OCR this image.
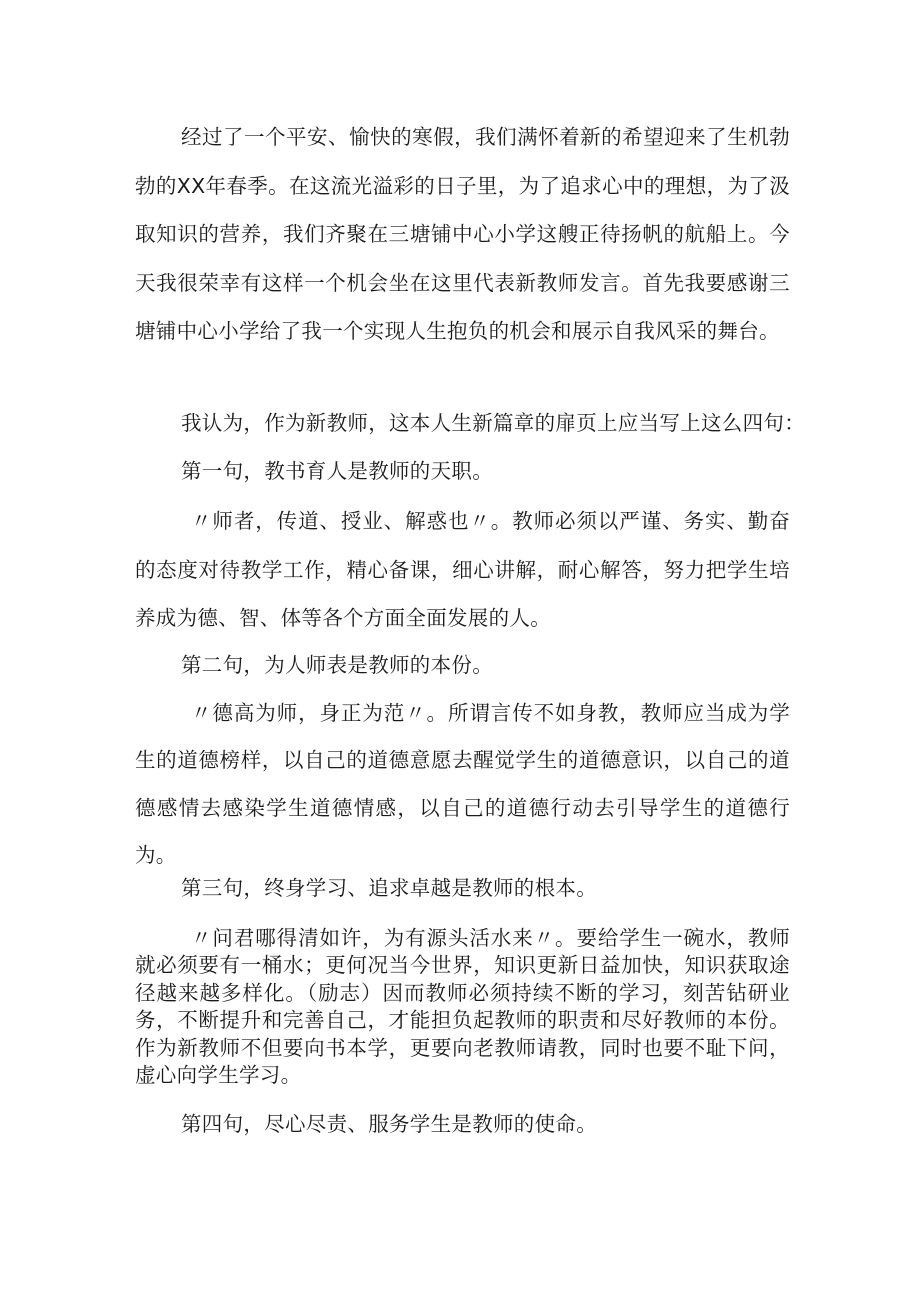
经过了一个平安、愉快的寒假，我们满怀着新的希望迎来了生机勃勃的XX年春季。在这流光溢彩的日子里，为了追求心中的理想，为了汲取知识的营养，我们齐聚在三塘铺中心小学这艘正待扬帆的航船上。今天我很荣幸有这样一个机会坐在这里代表新教师发言。首先我要感谢三塘铺中心小学给了我一个实现人生抱负的机会和展示自我风采的舞台。

我认为，作为新教师，这本人生新篇章的扉页上应当写上这么四句：

第一句，教书育人是教师的天职。

〃师者，传道、授业、解惑也〃。教师必须以严谨、务实、勤奋的态度对待教学工作，精心备课，细心讲解，耐心解答，努力把学生培养成为德、智、体等各个方面全面发展的人。

第二句，为人师表是教师的本份。

〃德高为师，身正为范〃。所谓言传不如身教，教师应当成为学生的道德榜样，以自己的道德意愿去醒觉学生的道德意识，以自己的道德感情去感染学生道德情感，以自己的道德行动去引导学生的道德行为。

第三句，终身学习、追求卓越是教师的根本。

〃问君哪得清如许，为有源头活水来〃。要给学生一碗水，教师就必须要有一桶水；更何况当今世界，知识更新日益加快，知识获取途径越来越多样化。（励志）因而教师必须持续不断的学习，刻苦钻研业务，不断提升和完善自己，才能担负起教师的职责和尽好教师的本份。作为新教师不但要向书本学，更要向老教师请教，同时也要不耻下问，虚心向学生学习。

第四句，尽心尽责、服务学生是教师的使命。
